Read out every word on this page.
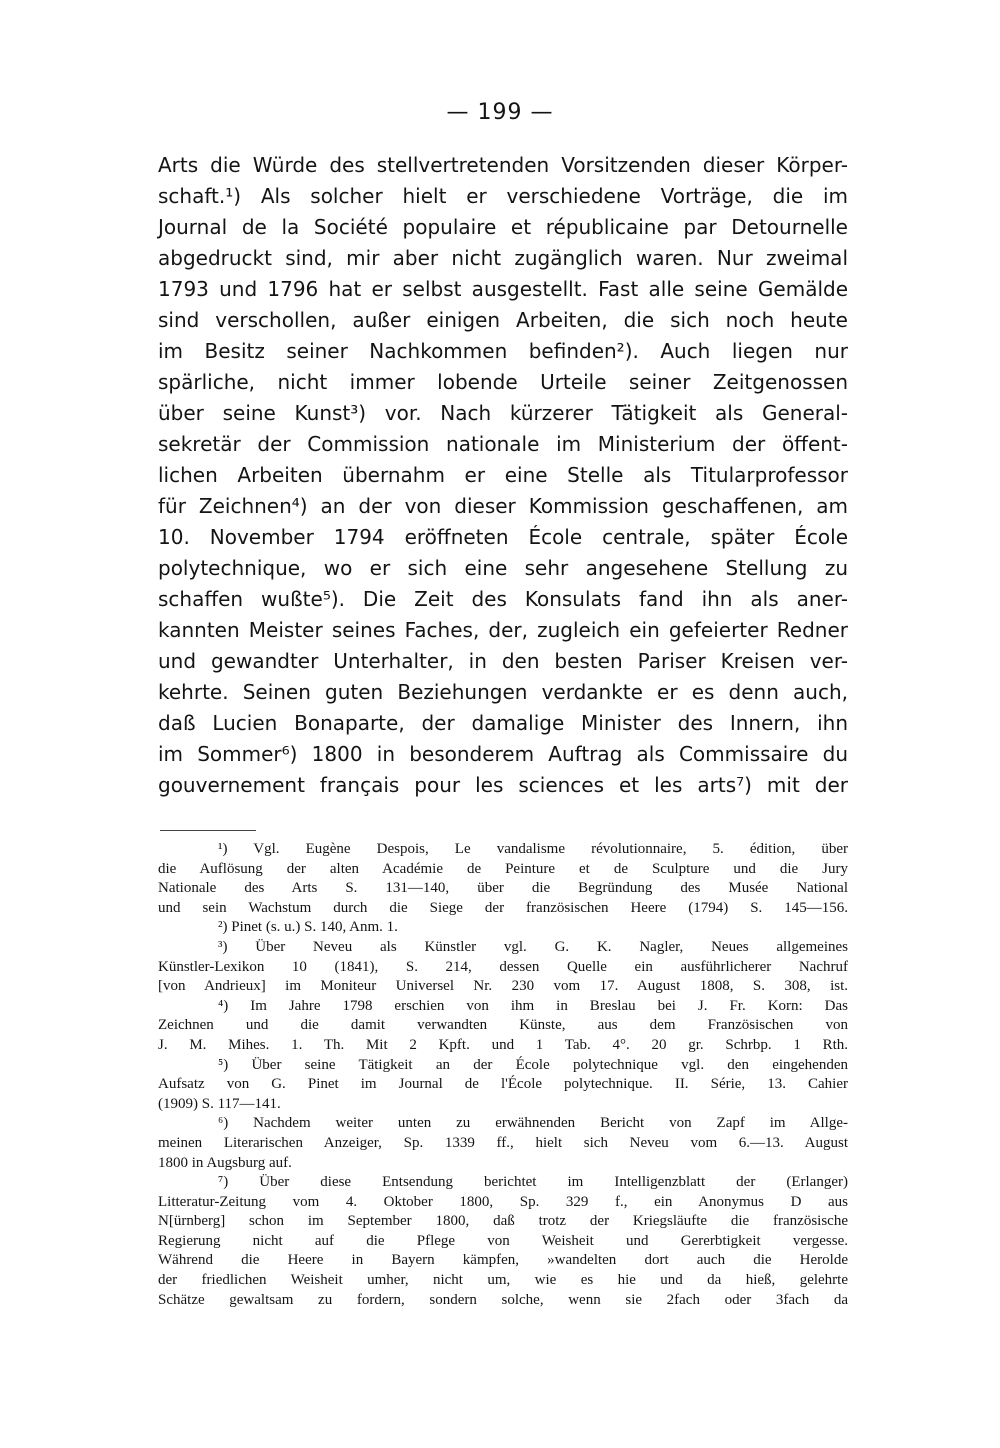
— 199 —
Arts die Würde des stellvertretenden Vorsitzenden dieser Körper-
schaft.¹) Als solcher hielt er verschiedene Vorträge, die im
Journal de la Société populaire et républicaine par Detournelle
abgedruckt sind, mir aber nicht zugänglich waren. Nur zweimal
1793 und 1796 hat er selbst ausgestellt. Fast alle seine Gemälde
sind verschollen, außer einigen Arbeiten, die sich noch heute
im Besitz seiner Nachkommen befinden²). Auch liegen nur
spärliche, nicht immer lobende Urteile seiner Zeitgenossen
über seine Kunst³) vor. Nach kürzerer Tätigkeit als General-
sekretär der Commission nationale im Ministerium der öffent-
lichen Arbeiten übernahm er eine Stelle als Titularprofessor
für Zeichnen⁴) an der von dieser Kommission geschaffenen, am
10. November 1794 eröffneten École centrale, später École
polytechnique, wo er sich eine sehr angesehene Stellung zu
schaffen wußte⁵). Die Zeit des Konsulats fand ihn als aner-
kannten Meister seines Faches, der, zugleich ein gefeierter Redner
und gewandter Unterhalter, in den besten Pariser Kreisen ver-
kehrte. Seinen guten Beziehungen verdankte er es denn auch,
daß Lucien Bonaparte, der damalige Minister des Innern, ihn
im Sommer⁶) 1800 in besonderem Auftrag als Commissaire du
gouvernement français pour les sciences et les arts⁷) mit der
¹) Vgl. Eugène Despois, Le vandalisme révolutionnaire, 5. édition, über
die Auflösung der alten Académie de Peinture et de Sculpture und die Jury
Nationale des Arts S. 131—140, über die Begründung des Musée National
und sein Wachstum durch die Siege der französischen Heere (1794) S. 145—156.
²) Pinet (s. u.) S. 140, Anm. 1.
³) Über Neveu als Künstler vgl. G. K. Nagler, Neues allgemeines
Künstler-Lexikon 10 (1841), S. 214, dessen Quelle ein ausführlicherer Nachruf
[von Andrieux] im Moniteur Universel Nr. 230 vom 17. August 1808, S. 308, ist.
⁴) Im Jahre 1798 erschien von ihm in Breslau bei J. Fr. Korn: Das
Zeichnen und die damit verwandten Künste, aus dem Französischen von
J. M. Mihes. 1. Th. Mit 2 Kpft. und 1 Tab. 4°. 20 gr. Schrbp. 1 Rth.
⁵) Über seine Tätigkeit an der École polytechnique vgl. den eingehenden
Aufsatz von G. Pinet im Journal de l'École polytechnique. II. Série, 13. Cahier
(1909) S. 117—141.
⁶) Nachdem weiter unten zu erwähnenden Bericht von Zapf im Allge-
meinen Literarischen Anzeiger, Sp. 1339 ff., hielt sich Neveu vom 6.—13. August
1800 in Augsburg auf.
⁷) Über diese Entsendung berichtet im Intelligenzblatt der (Erlanger)
Litteratur-Zeitung vom 4. Oktober 1800, Sp. 329 f., ein Anonymus D aus
N[ürnberg] schon im September 1800, daß trotz der Kriegsläufte die französische
Regierung nicht auf die Pflege von Weisheit und Gererbtigkeit vergesse.
Während die Heere in Bayern kämpfen, »wandelten dort auch die Herolde
der friedlichen Weisheit umher, nicht um, wie es hie und da hieß, gelehrte
Schätze gewaltsam zu fordern, sondern solche, wenn sie 2fach oder 3fach da
